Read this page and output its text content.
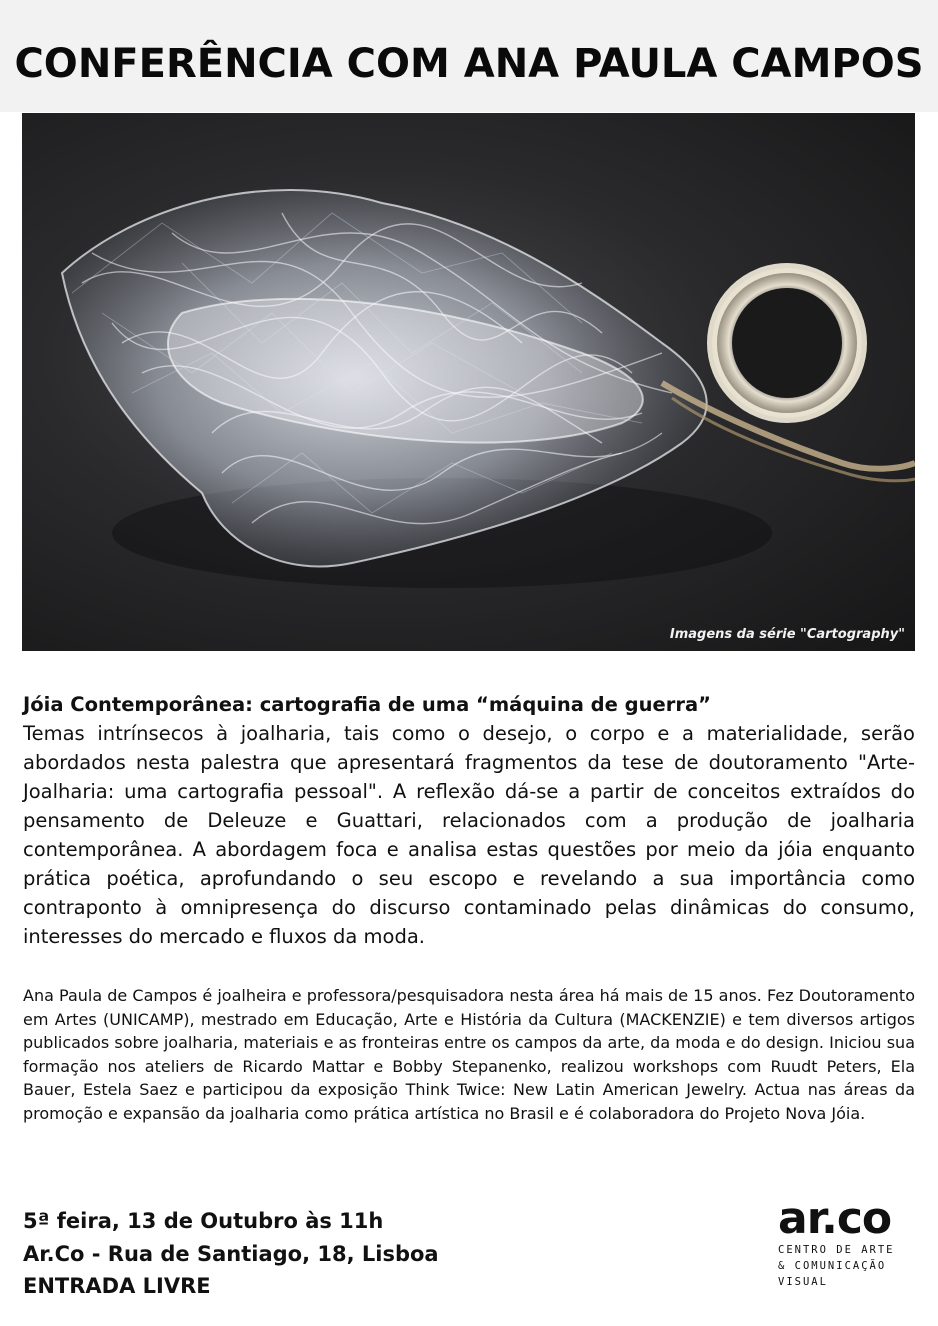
CONFERÊNCIA COM ANA PAULA CAMPOS
Imagens da série "Cartography"
Jóia Contemporânea: cartografia de uma “máquina de guerra”

Temas intrínsecos à joalharia, tais como o desejo, o corpo e a materialidade, serão abordados nesta palestra que apresentará fragmentos da tese de doutoramento "Arte-Joalharia: uma cartografia pessoal". A reflexão dá-se a partir de conceitos extraídos do pensamento de Deleuze e Guattari, relacionados com a produção de joalharia contemporânea. A abordagem foca e analisa estas questões por meio da jóia enquanto prática poética, aprofundando o seu escopo e revelando a sua importância como contraponto à omnipresença do discurso contaminado pelas dinâmicas do consumo, interesses do mercado e fluxos da moda.

Ana Paula de Campos é joalheira e professora/pesquisadora nesta área há mais de 15 anos. Fez Doutoramento em Artes (UNICAMP), mestrado em Educação, Arte e História da Cultura (MACKENZIE) e tem diversos artigos publicados sobre joalharia, materiais e as fronteiras entre os campos da arte, da moda e do design. Iniciou sua formação nos ateliers de Ricardo Mattar e Bobby Stepanenko, realizou workshops com Ruudt Peters, Ela Bauer, Estela Saez e participou da exposição Think Twice: New Latin American Jewelry. Actua nas áreas da promoção e expansão da joalharia como prática artística no Brasil e é colaboradora do Projeto Nova Jóia.

5ª feira, 13 de Outubro às 11h
Ar.Co - Rua de Santiago, 18, Lisboa
ENTRADA LIVRE
ar.co
CENTRO DE ARTE
& COMUNICAÇÃO
VISUAL
